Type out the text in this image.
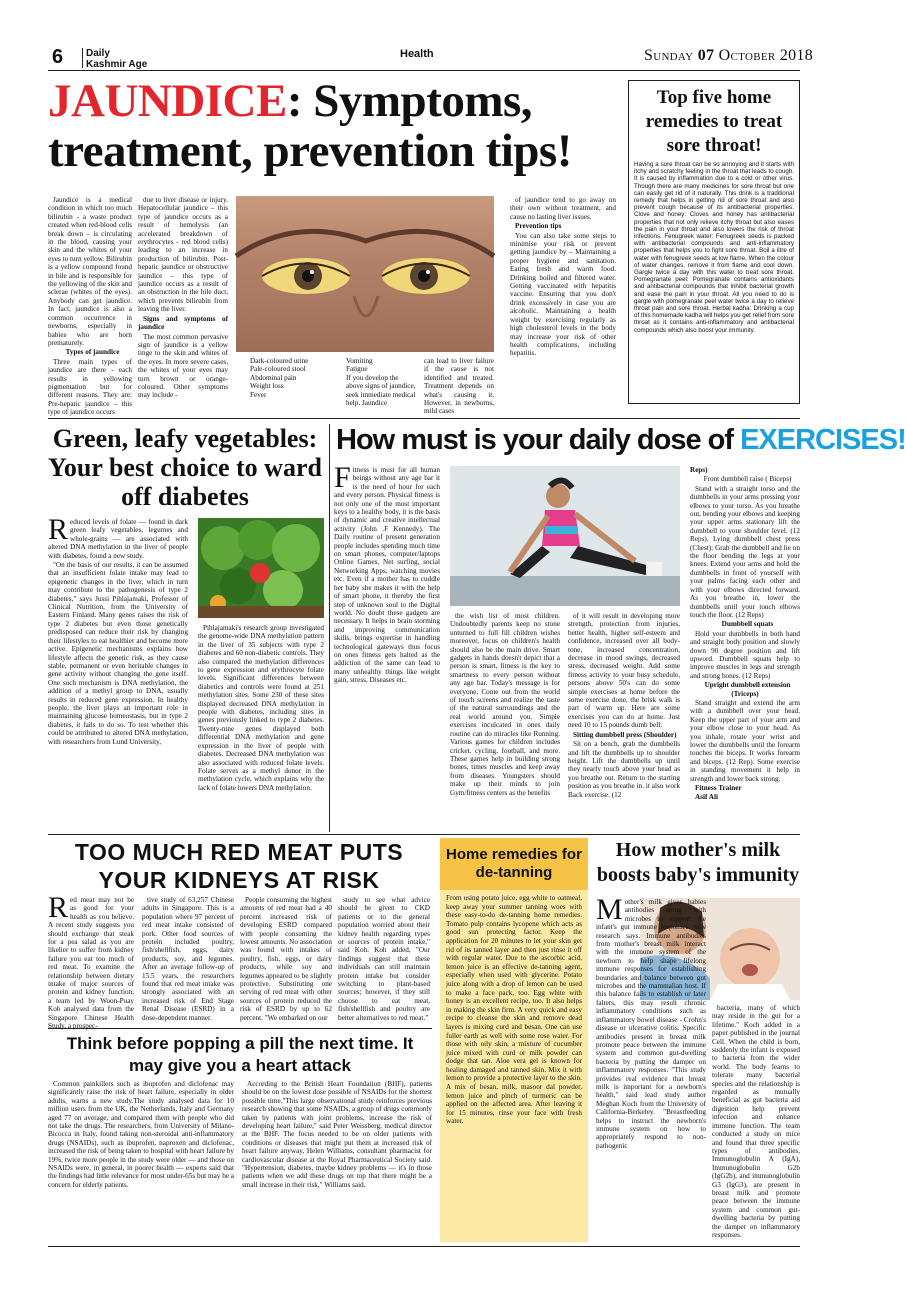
6 Daily
Kashmir Age
Health	Sunday 07 October 2018
JAUNDICE: Symptoms,
treatment, prevention tips!

Jaundice is a medical condition in which too much bilirubin - a waste product created when red-blood cells break down – is circulating in the blood, causing your skin and the whites of your eyes to turn yellow. Bilirubin is a yellow compound found in bile and is responsible for the yellowing of the skin and sclerae (whites of the eyes). Anybody can get jaundice. In fact, jaundice is also a common occurrence in newborns, especially in babies who are born prematurely.

Types of jaundice

Three main types of jaundice are there - each results in yellowing pigmentation but for different reasons. They are: Pre-hepatic jaundice – this type of jaundice occurs

due to liver disease or injury. Hepatocellular jaundice – this type of jaundice occurs as a result of hemolysis (an accelerated breakdown of erythrocytes - red blood cells) leading to an increase in production of bilirubin. Post-hepatic jaundice or obstructive jaundice – this type of jaundice occurs as a result of an obstruction in the bile duct, which prevents bilirubin from leaving the liver.

Signs and symptoms of jaundice

The most common pervasive sign of jaundice is a yellow tinge to the skin and whites of the eyes. In more severe cases, the whites of your eyes may turn brown or orange-coloured. Other symptoms may include -

Dark-coloured urine
Pale-coloured stool
Abdominal pain
Weight loss
Fever
Vomiting
Fatigue
If you develop the above signs of jaundice, seek immediate medical help. Jaundice
can lead to liver failure if the cause is not identified and treated. Treatment depends on what's causing it. However, in newborns, mild cases

of jaundice tend to go away on their own without treatment, and cause no lasting liver issues.

Prevention tips

You can also take some steps to minimise your risk or prevent getting jaundice by – Maintaining a proper hygiene and sanitation. Eating fresh and warm food. Drinking boiled and filtered water. Getting vaccinated with hepatitis vaccine. Ensuring that you don't drink excessively in case you are alcoholic. Maintaining a health weight by exercising regularly as high cholesterol levels in the body may increase your risk of other health complications, including hepatitis.

Top five home remedies to treat sore throat!
Having a sore throat can be so annoying and it starts with itchy and scratchy feeling in the throat that leads to cough. It is caused by inflammation due to a cold or other virus. Though there are many medicines for sore throat but one can easily get rid of it naturally. This drink is a traditional remedy that helps in getting rid of sore throat and also prevent cough because of its antibacterial properties. Clove and honey: Cloves and honey has antibacterial properties that not only relieve itchy throat but also eases the pain in your throat and also lowers the risk of throat infections. Fenugreek water: Fenugreek seeds is packed with antibacterial compounds and anti-inflammatory properties that helps you to fight sore throat. Boil a litre of water with fenugreek seeds at low flame. When the colour of water changes, remove it from flame and cool down. Gargle twice a day with this water to treat sore throat. Pomegranate peel: Pomegranate contains antioxidants and antibacterial compounds that inhibit bacterial growth and ease the pain in your throat. All you need to do is gargle with pomegranate peel water twice a day to relieve throat pain and sore throat. Herbal kadha: Drinking a cup of this homemade kadha will helps you get relief from sore throat as it contains anti-inflammatory and antibacterial compounds which also boost your immunity.
Green, leafy vegetables: Your best choice to ward off diabetes

Reduced levels of folate — found in dark green leafy vegetables, legumes and whole-grains — are associated with altered DNA methylation in the liver of people with diabetes, found a new study.

"On the basis of our results, it can be assumed that an insufficient folate intake may lead to epigenetic changes in the liver, which in turn may contribute to the pathogenesis of type 2 diabetes," says Jussi Pihlajamaki, Professor of Clinical Nutrition, from the University of Eastern Finland. Many genes raises the risk of type 2 diabetes but even those genetically predisposed can reduce their risk by changing their lifestyles to eat healthier and become more active. Epigenetic mechanisms explains how lifestyle affects the genetic risk, as they cause stable, permanent or even heritable changes in gene activity without changing the gene itself. One such mechanism is DNA methylation, the addition of a methyl group to DNA, usually results in reduced gene expression. In healthy people, the liver plays an important role in maintaining glucose homeostasis, but in type 2 diabetes, it fails to do so. To test whether this could be attributed to altered DNA methylation, with researchers from Lund University,

Pihlajamaki's research group investigated the genome-wide DNA methylation pattern in the liver of 35 subjects with type 2 diabetes and 60 non-diabetic controls. They also compared the methylation differences to gene expression and erythrocyte folate levels. Significant differences between diabetics and controls were found at 251 methylation sites. Some 230 of these sites displayed decreased DNA methylation in people with diabetes, including sites in genes previously linked to type 2 diabetes. Twenty-nine genes displayed both differential DNA methylation and gene expression in the liver of people with diabetes. Decreased DNA methylation was also associated with reduced folate levels. Folate serves as a methyl donor in the methylation cycle, which explains why the lack of folate lowers DNA methylation.

How must is your daily dose of EXERCISES!

Fitness is must for all human beings without any age bar it is the need of hour for each and every person. Physical fitness is not only one of the most important keys to a healthy body, it is the basis of dynamic and creative intellectual activity (John .F Kennedy). The Daily routine of present generation people includes spending much time on smart phones, computer/laptops Online Games, Net surfing, social Networking Apps, watching movies etc. Even if a mother has to cuddle her baby she makes it with the help of smart phone, it thereby the first step of unknown soul to the Digital world. No doubt these gadgets are necessary. It helps in brain storming and improving communication skills, brings expertise in handling technological gateways thus focus on ones fitness gets halted as the addiction of the same can lead to many unhealthy things like weight gain, stress, Diseases etc.

the wish list of most children. Undoubtedly parents keep no stone unturned to full fill children wishes moreover, focus on children's health should also be the main drive. Smart gadgets in hands doesn't depict that a person is smart, fitness is the key to smartness to every person without any age bar. Today's message is for everyone, Come out from the world of touch screens and realize the taste of the natural surroundings and the real world around you. Simple exercises inculcated in ones daily routine can do miracles like Running. Various games for children includes cricket, cycling, football, and more. These games help in building strong bones, times muscles and keep away from diseases. Youngsters should make up their minds to join Gym/fitness centers as the benefits

of it will result in developing more strength, protection from injuries, better health, higher self-esteem and confidence, increased over all body-tone, increased concentration, decrease in mood swings, decreased stress, decreased weight. Add some fitness activity to your busy schedule, persons above 50's can do some simple exercises at home before the some exercise done, the brisk walk is part of warm up. Here are some exercises you can do at home. Just need 10 to 15 pounds dumb bell:

Sitting dumbbell press (Shoulder)

Sit on a bench, grab the dumbbells and lift the dumbbells up to shoulder height. Lift the dumbbells up until they nearly touch above your head as you breathe out. Return to the starting position as you breathe in. it also work Back exercise. (12

Reps)

Front dumbbell raise ( Biceps)

Stand with a straight torso and the dumbbells in your arms pressing your elbows to your torso. As you breathe out, bending your elbows and keeping your upper arms stationary lift the dumbbell to your shoulder level. (12 Reps). Lying dumbbell chest press (Chest): Grab the dumbbell and lie on the floor bending the legs at your knees. Extend your arms and hold the dumbbells in front of yourself with your palms facing each other and with your elbows directed forward. As you breathe in, lower the dumbbells until your touch elbows touch the floor. (12 Reps)

Dumbbell squats

Hold your dumbbells in both hand and straight body position and slowly down 90 degree position and lift upword. Dumbbell squats help to improve muscles in legs and strength and strong bones. (12 Reps)

Upright dumbbell extension (Triceps)

Stand straight and extend the arm with a dumbbell over your head. Keep the upper part of your arm and your elbow close to your head. As you inhale, rotate your wrist and lower the dumbbells until the forearm touches the biceps. It works forearm and biceps. (12 Rep). Some exercise in standing movement it help in strength and lower back strong.

Fitness Trainer

Asif Ali

TOO MUCH RED MEAT PUTS
YOUR KIDNEYS AT RISK

Red meat may not be as good for your health as you believe. A recent study suggests you should exchange that steak for a pea salad as you are likelier to suffer from kidney failure you eat too much of red meat. To examine the relationship between dietary intake of major sources of protein and kidney function, a team led by Woon-Puay Koh analysed data from the Singapore Chinese Health Study, a prospec-

tive study of 63,257 Chinese adults in Singapore. This is a population where 97 percent of red meat intake consisted of pork. Other food sources of protein included poultry, fish/shellfish, eggs, dairy products, soy, and legumes. After an average follow-up of 15.5 years, the researchers found that red meat intake was strongly associated with an increased risk of End Stage Renal Disease (ESRD) in a dose-dependent manner.

People consuming the highest amounts of red meat had a 40 percent increased risk of developing ESRD compared with people consuming the lowest amounts. No association was found with intakes of poultry, fish, eggs, or dairy products, while soy and legumes appeared to be slightly protective. Substituting one serving of red meat with other sources of protein reduced the risk of ESRD by up to 62 percent. "We embarked on our

study to see what advice should be given to CKD patients or to the general population worried about their kidney health regarding types or sources of protein intake," said Koh. Koh added, "Our findings suggest that these individuals can still maintain protein intake but consider switching to plant-based sources; however, if they still choose to eat meat, fish/shellfish and poultry are better alternatives to red meat."

Think before popping a pill the next time. It
may give you a heart attack

Common painkillers such as ibuprofen and diclofenac may significantly raise the risk of heart failure, especially in older adults, warns a new study.The study analysed data for 10 million users from the UK, the Netherlands, Italy and Germany aged 77 on average, and compared them with people who did not take the drugs. The researchers, from University of Milano-Bicocca in Italy, found taking non-steroidal anti-inflammatory drugs (NSAIDs), such as ibuprofen, naproxen and diclofenac, increased the risk of being taken to hospital with heart failure by 19%, twice more people in the study were older — and those on NSAIDs were, in general, in poorer health — experts said that the findings had little relevance for most under-65s but may be a concern for elderly patients.

According to the British Heart Foundation (BHF), patients should be on the lowest dose possible of NSAIDs for the shortest possible time."This large observational study reinforces previous research showing that some NSAIDs, a group of drugs commonly taken by patients with joint problems, increase the risk of developing heart failure," said Peter Weissberg, medical director at the BHF. The focus needed to be on older patients with conditions or diseases that might put them at increased risk of heart failure anyway, Helen Williams, consultant pharmacist for cardiovascular disease at the Royal Pharmaceutical Society said. "Hypertension, diabetes, maybe kidney problems — it's in those patients when we add these drugs on top that there might be a small increase in their risk," Williams said.

Home remedies for de-tanning
From using potato juice, egg white to oatmeal, keep away your summer tanning woes with these easy-to-do de-tanning home remedies. Tomato pulp contains lycopene which acts as good sun protecting factor. Keep the application for 20 minutes to let your skin get rid of its tanned layer and then just rinse it off with regular water. Due to the ascorbic acid, lemon juice is an effective de-tanning agent, especially when used with glycerine. Potato juice along with a drop of lemon can be used to make a face pack, too. Egg white with honey is an excellent recipe, too. It also helps in making the skin firm. A very quick and easy recipe to cleanse the skin and remove dead layers is mixing curd and besan. One can use fuller earth as well with some rose water. For those with oily skin, a mixture of cucumber juice mixed with curd or milk powder can dodge that tan. Aloe vera gel is known for healing damaged and tanned skin. Mix it with lemon to provide a protective layer to the skin. A mix of besan, milk, masoor dal powder, lemon juice and pinch of turmeric can be applied on the affected area. After leaving it for 15 minutes, rinse your face with fresh water.
How mother's milk boosts baby's immunity

Mother's milk gives babies antibodies along with microbes to support the infant's gut immune responses, new research says. Immune antibodies from mother's breast milk interact with the immune system of the newborn to help shape lifelong immune responses for establishing boundaries and balance between gut microbes and the mammalian host. If this balance fails to establish or later falters, this may result chronic inflammatory conditions such as inflammatory bowel disease - Crohn's disease or ulcerative colitis. Specific antibodies present in breast milk promote peace between the immune system and common gut-dwelling bacteria by putting the damper on inflammatory responses. "This study provides real evidence that breast milk is important for a newborn's health," said lead study author Meghan Koch from the University of California-Berkeley. "Breastfeeding helps to instruct the newborn's immune system on how to appropriately respond to non-pathogenic

bacteria, many of which may reside in the gut for a lifetime." Koch added in a paper published in the journal Cell. When the child is born, suddenly the infant is exposed to bacteria from the wider world. The body learns to tolerate many bacterial species and the relationship is regarded as mutually beneficial as gut bacteria aid digestion help prevent infection and enhance immune function. The team conducted a study on mice and found that three specific types of antibodies, Immunoglobulin A (IgA), Immunoglobulin G2b (IgG2b), and immunoglobulin G3 (IgG3), are present in breast milk and promote peace between the immune system and common gut-dwelling bacteria by putting the damper on inflammatory responses.
